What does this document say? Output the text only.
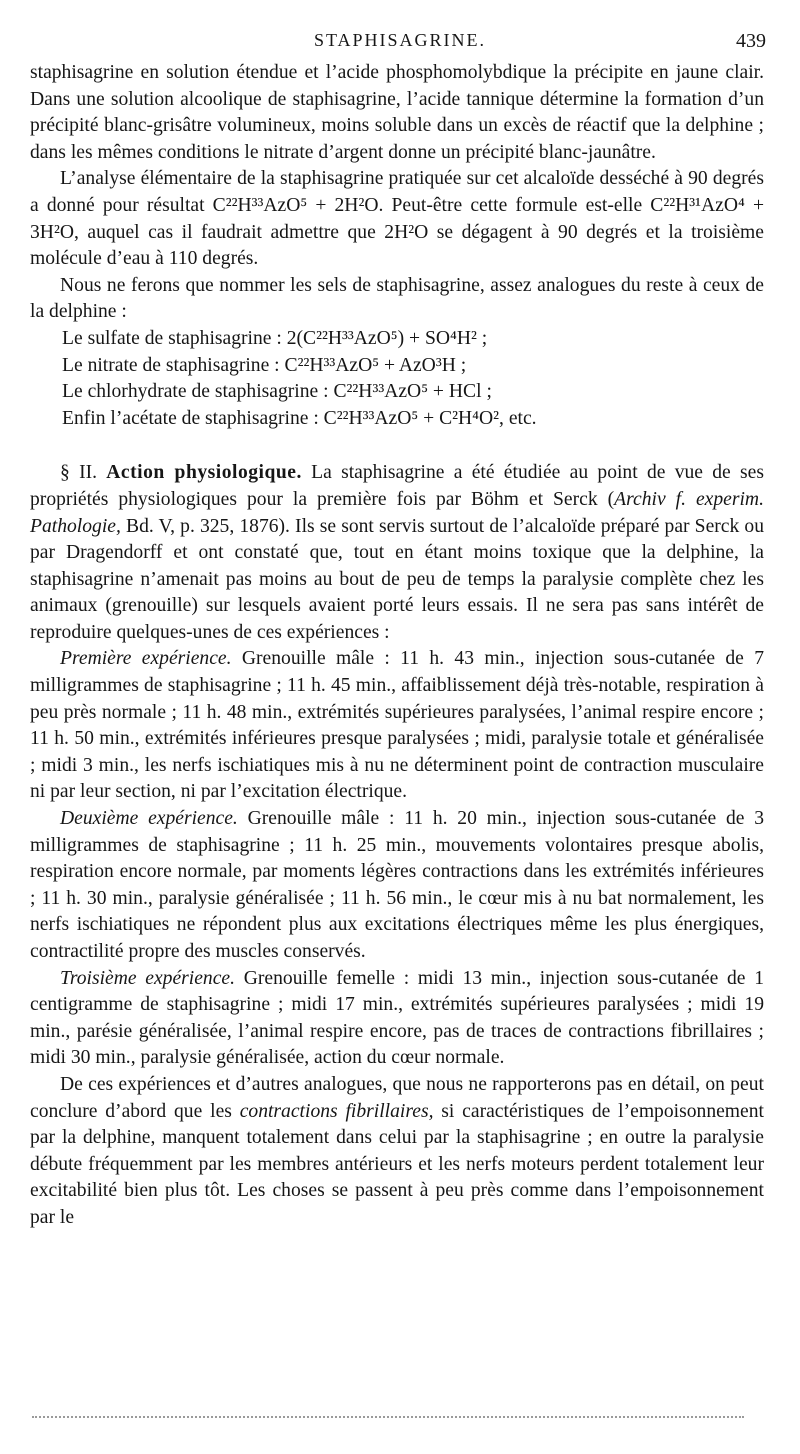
STAPHISAGRINE.	439

staphisagrine en solution étendue et l’acide phosphomolybdique la précipite en jaune clair. Dans une solution alcoolique de staphisagrine, l’acide tannique détermine la formation d’un précipité blanc-grisâtre volumineux, moins soluble dans un excès de réactif que la delphine ; dans les mêmes conditions le nitrate d’argent donne un précipité blanc-jaunâtre.

L’analyse élémentaire de la staphisagrine pratiquée sur cet alcaloïde desséché à 90 degrés a donné pour résultat C²²H³³AzO⁵ + 2H²O. Peut-être cette formule est-elle C²²H³¹AzO⁴ + 3H²O, auquel cas il faudrait admettre que 2H²O se dégagent à 90 degrés et la troisième molécule d’eau à 110 degrés.

Nous ne ferons que nommer les sels de staphisagrine, assez analogues du reste à ceux de la delphine :

Le sulfate de staphisagrine : 2(C²²H³³AzO⁵) + SO⁴H² ;
Le nitrate de staphisagrine : C²²H³³AzO⁵ + AzO³H ;
Le chlorhydrate de staphisagrine : C²²H³³AzO⁵ + HCl ;
Enfin l’acétate de staphisagrine : C²²H³³AzO⁵ + C²H⁴O², etc.

§ II. Action physiologique. La staphisagrine a été étudiée au point de vue de ses propriétés physiologiques pour la première fois par Böhm et Serck (Archiv f. experim. Pathologie, Bd. V, p. 325, 1876). Ils se sont servis surtout de l’alcaloïde préparé par Serck ou par Dragendorff et ont constaté que, tout en étant moins toxique que la delphine, la staphisagrine n’amenait pas moins au bout de peu de temps la paralysie complète chez les animaux (grenouille) sur lesquels avaient porté leurs essais. Il ne sera pas sans intérêt de reproduire quelques-unes de ces expériences :

Première expérience. Grenouille mâle : 11 h. 43 min., injection sous-cutanée de 7 milligrammes de staphisagrine ; 11 h. 45 min., affaiblissement déjà très-notable, respiration à peu près normale ; 11 h. 48 min., extrémités supérieures paralysées, l’animal respire encore ; 11 h. 50 min., extrémités inférieures presque paralysées ; midi, paralysie totale et généralisée ; midi 3 min., les nerfs ischiatiques mis à nu ne déterminent point de contraction musculaire ni par leur section, ni par l’excitation électrique.

Deuxième expérience. Grenouille mâle : 11 h. 20 min., injection sous-cutanée de 3 milligrammes de staphisagrine ; 11 h. 25 min., mouvements volontaires presque abolis, respiration encore normale, par moments légères contractions dans les extrémités inférieures ; 11 h. 30 min., paralysie généralisée ; 11 h. 56 min., le cœur mis à nu bat normalement, les nerfs ischiatiques ne répondent plus aux excitations électriques même les plus énergiques, contractilité propre des muscles conservés.

Troisième expérience. Grenouille femelle : midi 13 min., injection sous-cutanée de 1 centigramme de staphisagrine ; midi 17 min., extrémités supérieures paralysées ; midi 19 min., parésie généralisée, l’animal respire encore, pas de traces de contractions fibrillaires ; midi 30 min., paralysie généralisée, action du cœur normale.

De ces expériences et d’autres analogues, que nous ne rapporterons pas en détail, on peut conclure d’abord que les contractions fibrillaires, si caractéristiques de l’empoisonnement par la delphine, manquent totalement dans celui par la staphisagrine ; en outre la paralysie débute fréquemment par les membres antérieurs et les nerfs moteurs perdent totalement leur excitabilité bien plus tôt. Les choses se passent à peu près comme dans l’empoisonnement par le
